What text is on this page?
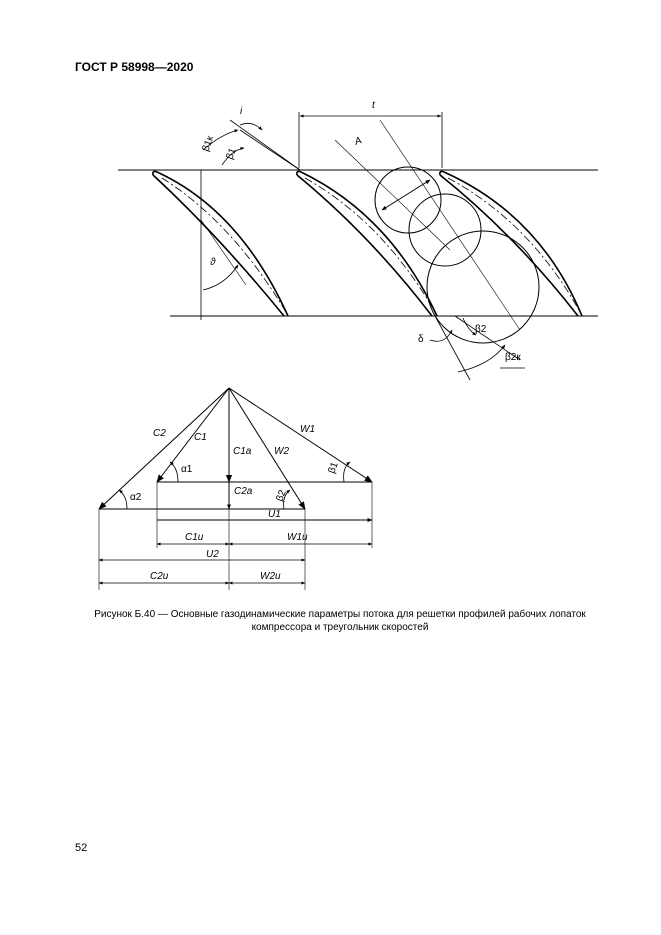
ГОСТ Р 58998—2020
t
i
β1к
β1
A
ϑ
δ
β2
β2к
C2	C1
C1a W2
W1
α1	β1
C2a β2
α2
U1
C1u	W1u
U2
C2u	W2u
Рисунок Б.40 — Основные газодинамические параметры потока для решетки профилей рабочих лопаток
компрессора и треугольник скоростей
52
